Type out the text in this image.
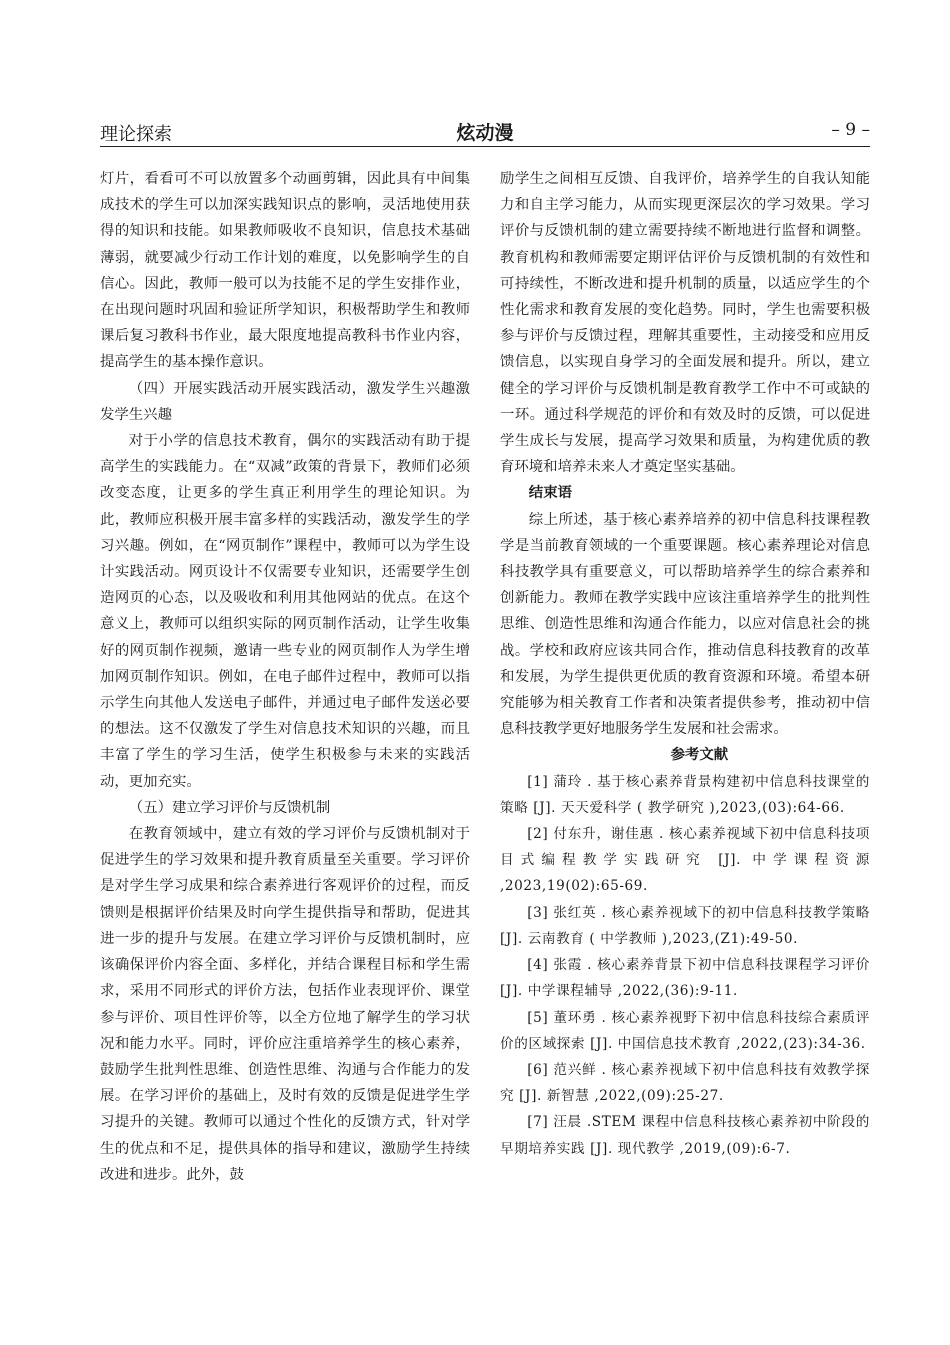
理论探索	炫动漫	– 9 –

灯片，看看可不可以放置多个动画剪辑，因此具有中间集成技术的学生可以加深实践知识点的影响，灵活地使用获得的知识和技能。如果教师吸收不良知识，信息技术基础薄弱，就要减少行动工作计划的难度，以免影响学生的自信心。因此，教师一般可以为技能不足的学生安排作业，在出现问题时巩固和验证所学知识，积极帮助学生和教师课后复习教科书作业，最大限度地提高教科书作业内容，提高学生的基本操作意识。

（四）开展实践活动开展实践活动，激发学生兴趣激发学生兴趣

对于小学的信息技术教育，偶尔的实践活动有助于提高学生的实践能力。在“双减”政策的背景下，教师们必须改变态度，让更多的学生真正利用学生的理论知识。为此，教师应积极开展丰富多样的实践活动，激发学生的学习兴趣。例如，在“网页制作”课程中，教师可以为学生设计实践活动。网页设计不仅需要专业知识，还需要学生创造网页的心态，以及吸收和利用其他网站的优点。在这个意义上，教师可以组织实际的网页制作活动，让学生收集好的网页制作视频，邀请一些专业的网页制作人为学生增加网页制作知识。例如，在电子邮件过程中，教师可以指示学生向其他人发送电子邮件，并通过电子邮件发送必要的想法。这不仅激发了学生对信息技术知识的兴趣，而且丰富了学生的学习生活，使学生积极参与未来的实践活动，更加充实。

（五）建立学习评价与反馈机制

在教育领域中，建立有效的学习评价与反馈机制对于促进学生的学习效果和提升教育质量至关重要。学习评价是对学生学习成果和综合素养进行客观评价的过程，而反馈则是根据评价结果及时向学生提供指导和帮助，促进其进一步的提升与发展。在建立学习评价与反馈机制时，应该确保评价内容全面、多样化，并结合课程目标和学生需求，采用不同形式的评价方法，包括作业表现评价、课堂参与评价、项目性评价等，以全方位地了解学生的学习状况和能力水平。同时，评价应注重培养学生的核心素养，鼓励学生批判性思维、创造性思维、沟通与合作能力的发展。在学习评价的基础上，及时有效的反馈是促进学生学习提升的关键。教师可以通过个性化的反馈方式，针对学生的优点和不足，提供具体的指导和建议，激励学生持续改进和进步。此外，鼓

励学生之间相互反馈、自我评价，培养学生的自我认知能力和自主学习能力，从而实现更深层次的学习效果。学习评价与反馈机制的建立需要持续不断地进行监督和调整。教育机构和教师需要定期评估评价与反馈机制的有效性和可持续性，不断改进和提升机制的质量，以适应学生的个性化需求和教育发展的变化趋势。同时，学生也需要积极参与评价与反馈过程，理解其重要性，主动接受和应用反馈信息，以实现自身学习的全面发展和提升。所以，建立健全的学习评价与反馈机制是教育教学工作中不可或缺的一环。通过科学规范的评价和有效及时的反馈，可以促进学生成长与发展，提高学习效果和质量，为构建优质的教育环境和培养未来人才奠定坚实基础。

结束语

综上所述，基于核心素养培养的初中信息科技课程教学是当前教育领域的一个重要课题。核心素养理论对信息科技教学具有重要意义，可以帮助培养学生的综合素养和创新能力。教师在教学实践中应该注重培养学生的批判性思维、创造性思维和沟通合作能力，以应对信息社会的挑战。学校和政府应该共同合作，推动信息科技教育的改革和发展，为学生提供更优质的教育资源和环境。希望本研究能够为相关教育工作者和决策者提供参考，推动初中信息科技教学更好地服务学生发展和社会需求。

参考文献

[1] 蒲玲 . 基于核心素养背景构建初中信息科技课堂的策略 [J]. 天天爱科学 ( 教学研究 ),2023,(03):64-66.

[2] 付东升，谢佳惠 . 核心素养视域下初中信息科技项目式编程教学实践研究 [J]. 中学课程资源 ,2023,19(02):65-69.

[3] 张红英 . 核心素养视域下的初中信息科技教学策略 [J]. 云南教育 ( 中学教师 ),2023,(Z1):49-50.

[4] 张霞 . 核心素养背景下初中信息科技课程学习评价 [J]. 中学课程辅导 ,2022,(36):9-11.

[5] 董环勇 . 核心素养视野下初中信息科技综合素质评价的区域探索 [J]. 中国信息技术教育 ,2022,(23):34-36.

[6] 范兴鲜 . 核心素养视域下初中信息科技有效教学探究 [J]. 新智慧 ,2022,(09):25-27.

[7] 汪晨 .STEM 课程中信息科技核心素养初中阶段的早期培养实践 [J]. 现代教学 ,2019,(09):6-7.
